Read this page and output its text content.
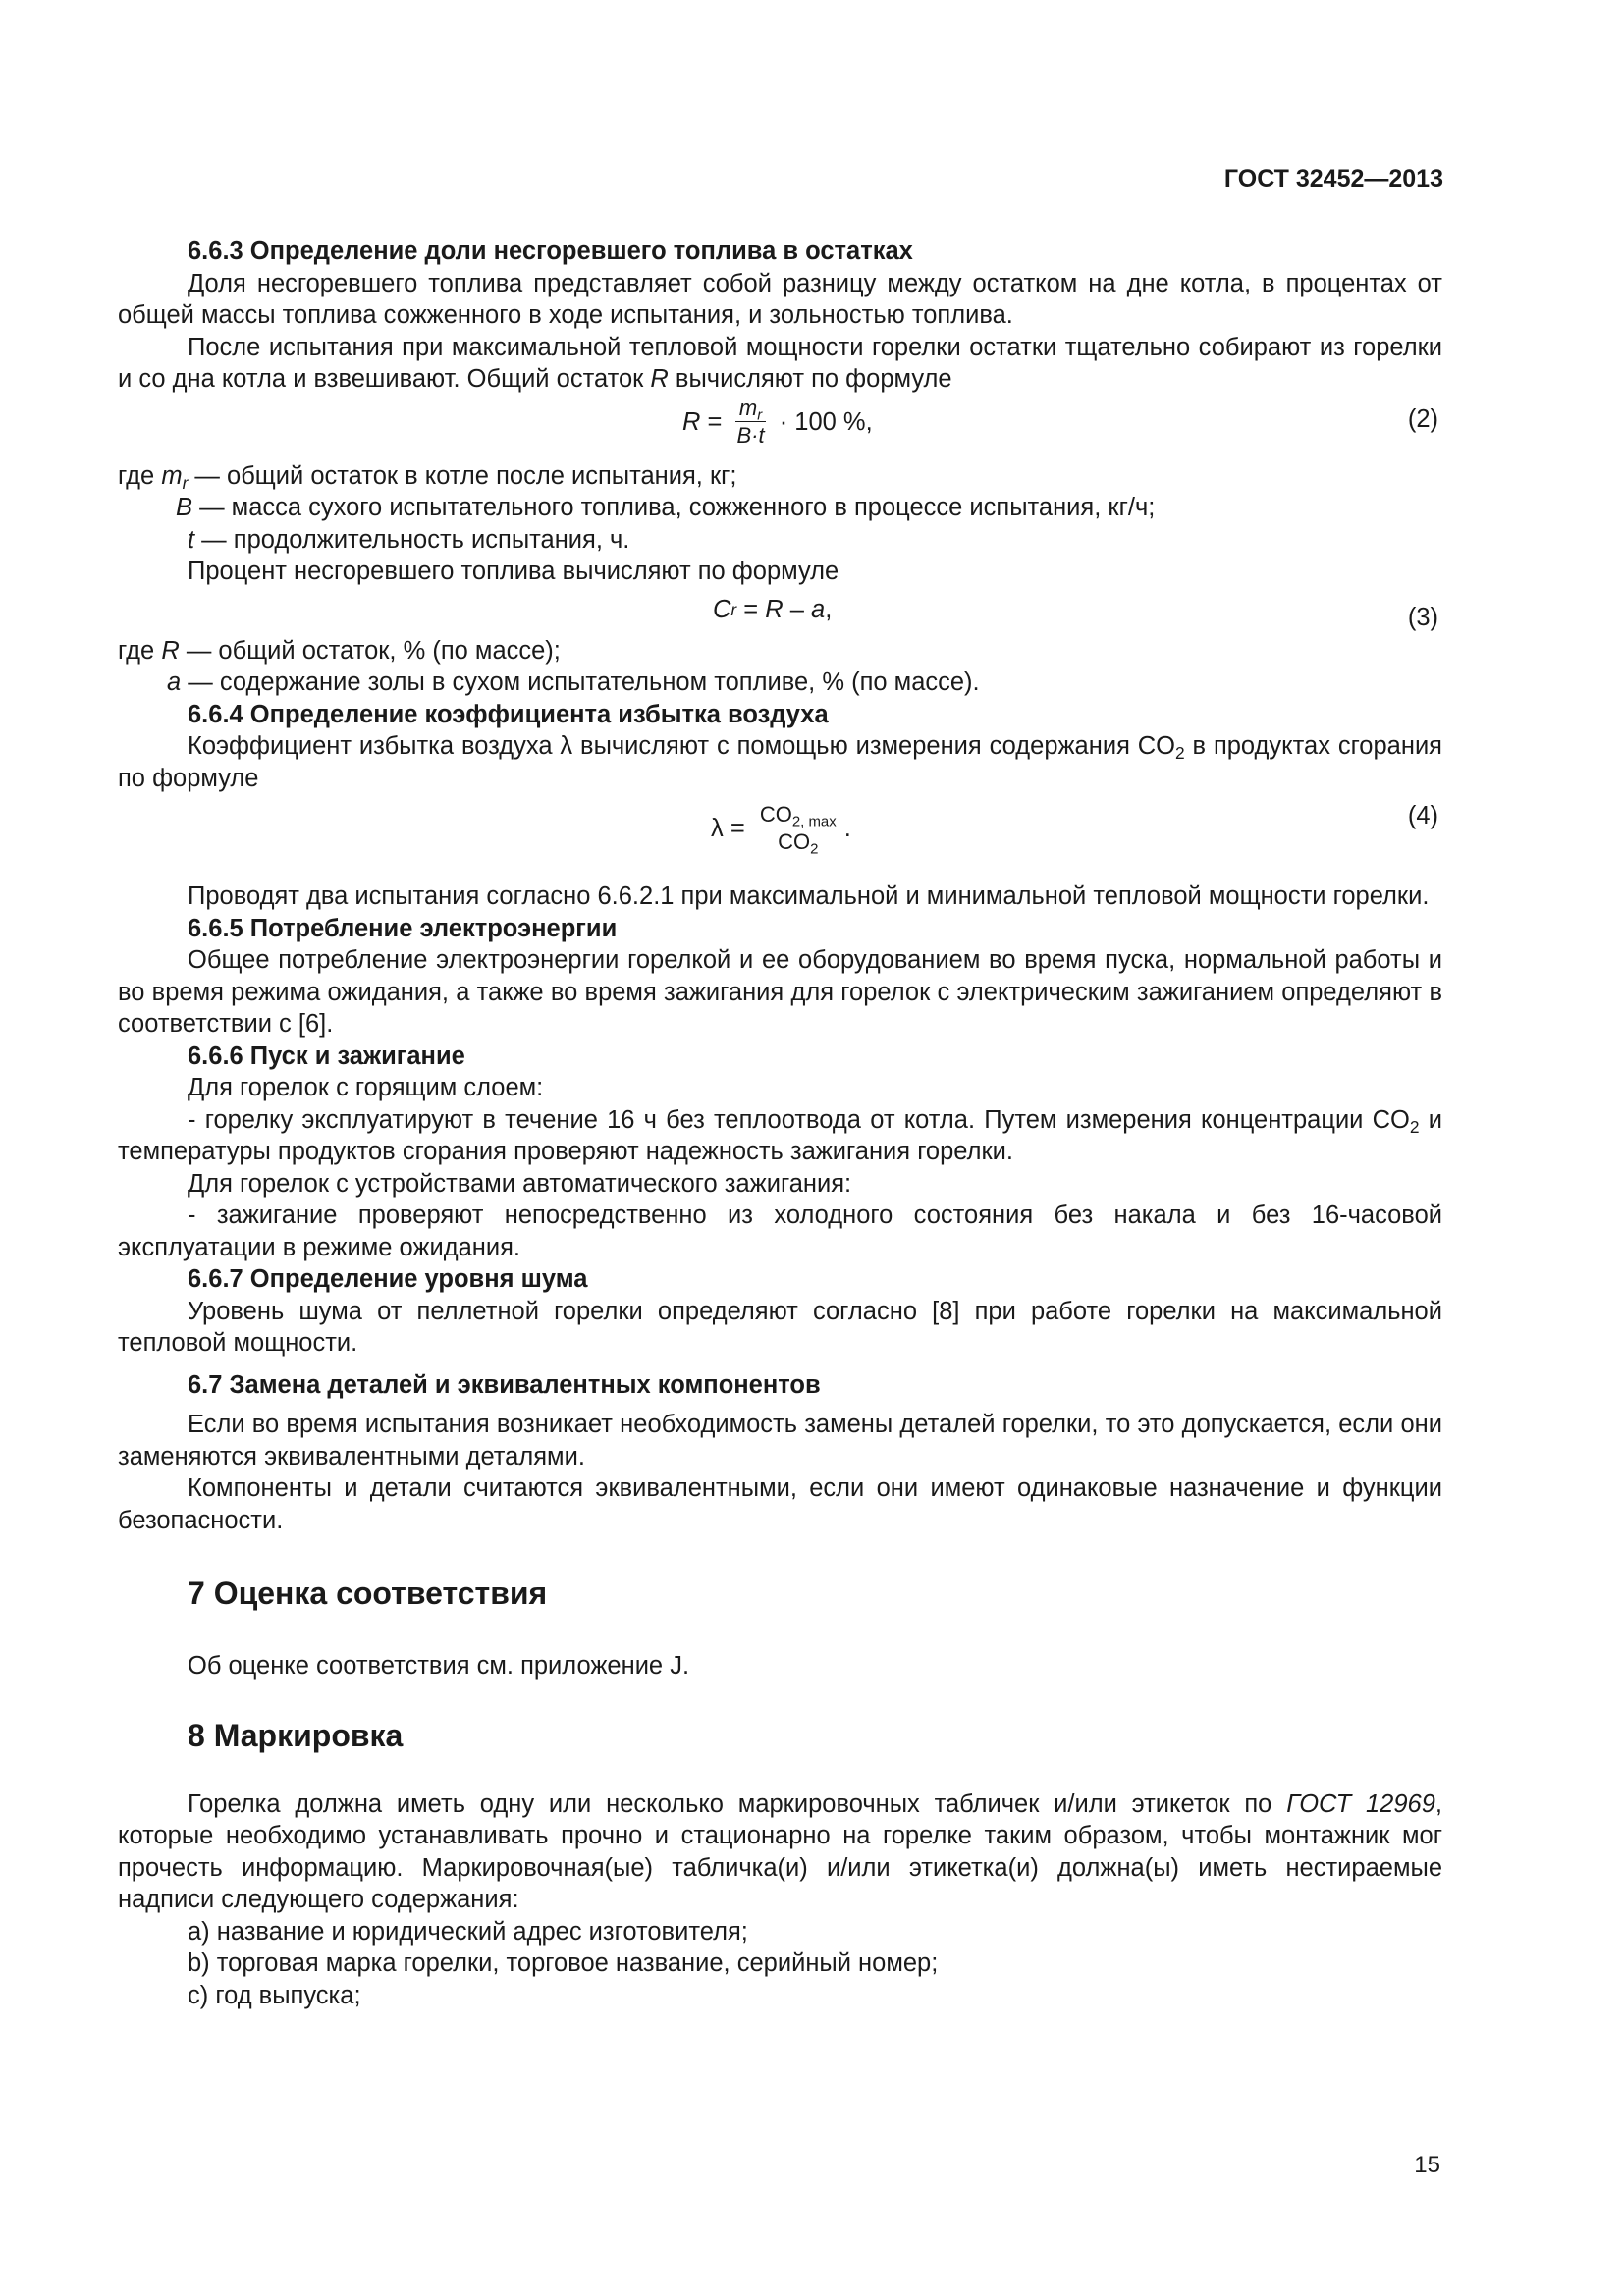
ГОСТ 32452—2013

6.6.3 Определение доли несгоревшего топлива в остатках

Доля несгоревшего топлива представляет собой разницу между остатком на дне котла, в процентах от общей массы топлива сожженного в ходе испытания, и зольностью топлива.

После испытания при максимальной тепловой мощности горелки остатки тщательно собирают из горелки и со дна котла и взвешивают. Общий остаток R вычисляют по формуле

$R = \frac{m_r}{B\cdot t} \cdot 100$ %,	(2)

где $m_r$ — общий остаток в котле после испытания, кг;

B — масса сухого испытательного топлива, сожженного в процессе испытания, кг/ч;

t — продолжительность испытания, ч.

Процент несгоревшего топлива вычисляют по формуле

C r = R – a ,	(3)

где R — общий остаток, % (по массе);

a — содержание золы в сухом испытательном топливе, % (по массе).

6.6.4 Определение коэффициента избытка воздуха

Коэффициент избытка воздуха λ вычисляют с помощью измерения содержания $CO_2$ в продуктах сгорания по формуле

$\lambda = \frac{CO_{2, max}}{CO_2}$ .	(4)

Проводят два испытания согласно 6.6.2.1 при максимальной и минимальной тепловой мощности горелки.

6.6.5 Потребление электроэнергии

Общее потребление электроэнергии горелкой и ее оборудованием во время пуска, нормальной работы и во время режима ожидания, а также во время зажигания для горелок с электрическим зажиганием определяют в соответствии с [6].

6.6.6 Пуск и зажигание

Для горелок с горящим слоем:

- горелку эксплуатируют в течение 16 ч без теплоотвода от котла. Путем измерения концентрации $CO_2$ и температуры продуктов сгорания проверяют надежность зажигания горелки.

Для горелок с устройствами автоматического зажигания:

- зажигание проверяют непосредственно из холодного состояния без накала и без 16-часовой эксплуатации в режиме ожидания.

6.6.7 Определение уровня шума

Уровень шума от пеллетной горелки определяют согласно [8] при работе горелки на максимальной тепловой мощности.

6.7 Замена деталей и эквивалентных компонентов

Если во время испытания возникает необходимость замены деталей горелки, то это допускается, если они заменяются эквивалентными деталями.

Компоненты и детали считаются эквивалентными, если они имеют одинаковые назначение и функции безопасности.

7 Оценка соответствия

Об оценке соответствия см. приложение J.

8 Маркировка

Горелка должна иметь одну или несколько маркировочных табличек и/или этикеток по ГОСТ 12969, которые необходимо устанавливать прочно и стационарно на горелке таким образом, чтобы монтажник мог прочесть информацию. Маркировочная(ые) табличка(и) и/или этикетка(и) должна(ы) иметь нестираемые надписи следующего содержания:

a) название и юридический адрес изготовителя;

b) торговая марка горелки, торговое название, серийный номер;

c) год выпуска;

15
